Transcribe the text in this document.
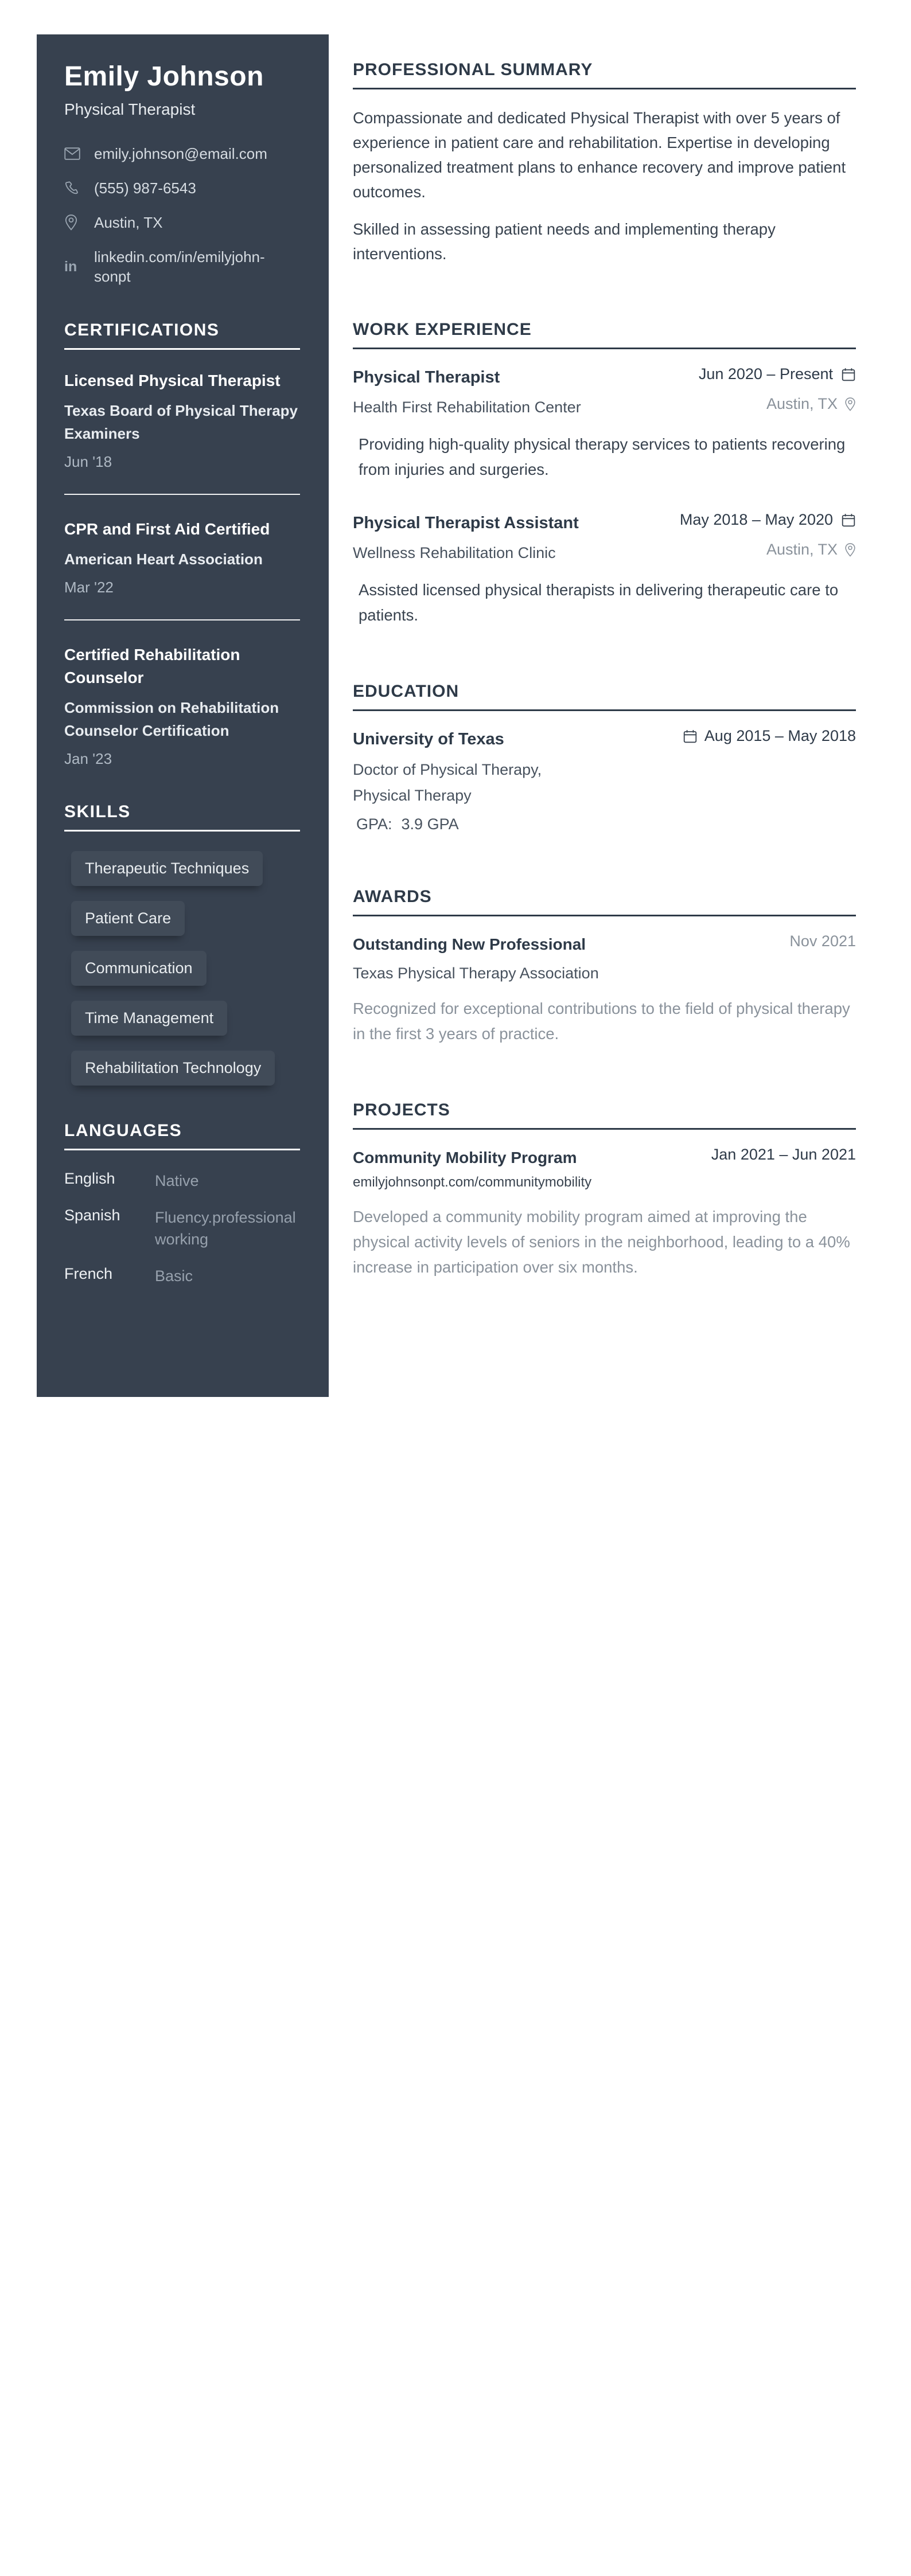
Emily Johnson

Physical Therapist

emily.johnson@email.com
(555) 987-6543
Austin, TX
in
linkedin.com/in/emilyjohn-sonpt
CERTIFICATIONS
Licensed Physical Therapist
Texas Board of Physical Therapy Examiners
Jun '18
CPR and First Aid Certified
American Heart Association
Mar '22
Certified Rehabilitation Counselor
Commission on Rehabilitation Counselor Certification
Jan '23
SKILLS
Therapeutic Techniques
Patient Care
Communication
Time Management
Rehabilitation Technology
LANGUAGES
English	Native
Spanish	Fluency.professional working
French	Basic
PROFESSIONAL SUMMARY

Compassionate and dedicated Physical Therapist with over 5 years of experience in patient care and rehabilitation. Expertise in developing personalized treatment plans to enhance recovery and improve patient outcomes.

Skilled in assessing patient needs and implementing therapy interventions.

WORK EXPERIENCE
Physical Therapist	Jun 2020 – Present
Health First Rehabilitation Center	Austin, TX
Providing high-quality physical therapy services to patients recovering from injuries and surgeries.
Physical Therapist Assistant	May 2018 – May 2020
Wellness Rehabilitation Clinic	Austin, TX
Assisted licensed physical therapists in delivering therapeutic care to patients.
EDUCATION
University of Texas	Aug 2015 – May 2018
Doctor of Physical Therapy, Physical Therapy
GPA: 3.9 GPA
AWARDS
Outstanding New Professional	Nov 2021
Texas Physical Therapy Association
Recognized for exceptional contributions to the field of physical therapy in the first 3 years of practice.
PROJECTS
Community Mobility Program	Jan 2021 – Jun 2021
emilyjohnsonpt.com/communitymobility
Developed a community mobility program aimed at improving the physical activity levels of seniors in the neighborhood, leading to a 40% increase in participation over six months.
